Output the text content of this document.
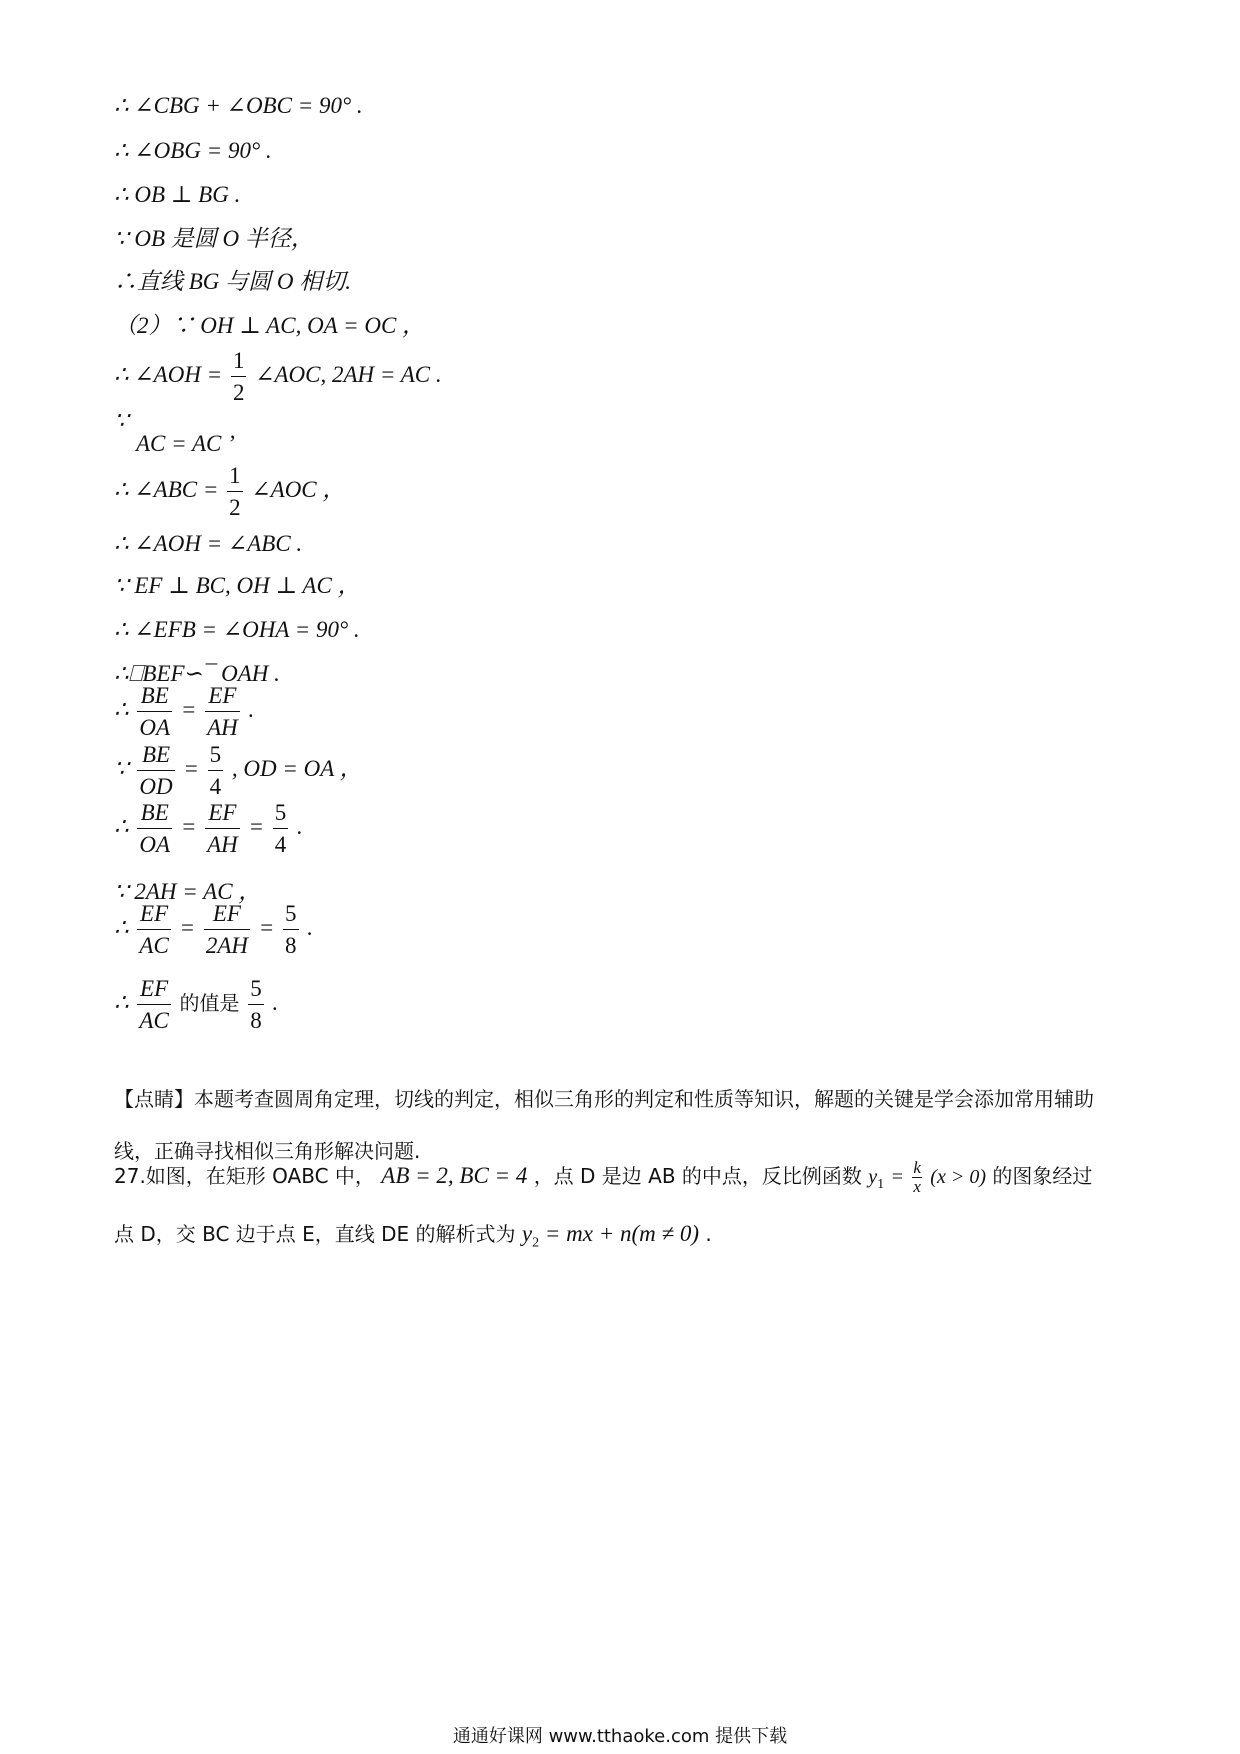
∴ ∠CBG + ∠OBC = 90° .
∴ ∠OBG = 90° .
∴ OB ⊥ BG .
∵ OB 是圆 O 半径，
∴直线 BG 与圆 O 相切.
（2）∵ OH ⊥ AC, OA = OC ，
∴ ∠AOH = $\frac{1}{2}$ ∠AOC, 2AH = AC .
∵
AC = AC ’
∴ ∠ABC = $\frac{1}{2}$ ∠AOC ，
∴ ∠AOH = ∠ABC .
∵ EF ⊥ BC, OH ⊥ AC ，
∴ ∠EFB = ∠OHA = 90° .
∴⎕BEF∽¯ OAH .
∴ $\frac{BE}{OA} = \frac{EF}{AH}$ .
∵ $\frac{BE}{OD} = \frac{5}{4}$ , OD = OA ，
∴ $\frac{BE}{OA} = \frac{EF}{AH} = \frac{5}{4}$ .
∵ 2AH = AC ，
∴ $\frac{EF}{AC} = \frac{EF}{2AH} = \frac{5}{8}$ .
∴ $\frac{EF}{AC}$ 的值是 $\frac{5}{8}$ .
【点睛】本题考查圆周角定理，切线的判定，相似三角形的判定和性质等知识，解题的关键是学会添加常用辅助线，正确寻找相似三角形解决问题.
27.如图，在矩形 OABC 中， AB = 2, BC = 4 ，点 D 是边 AB 的中点，反比例函数 $y_1 = \frac{k}{x} (x > 0)$ 的图象经过
点 D，交 BC 边于点 E，直线 DE 的解析式为 $y_2$ = mx + n(m ≠ 0) .
通通好课网 www.tthaoke.com 提供下载
